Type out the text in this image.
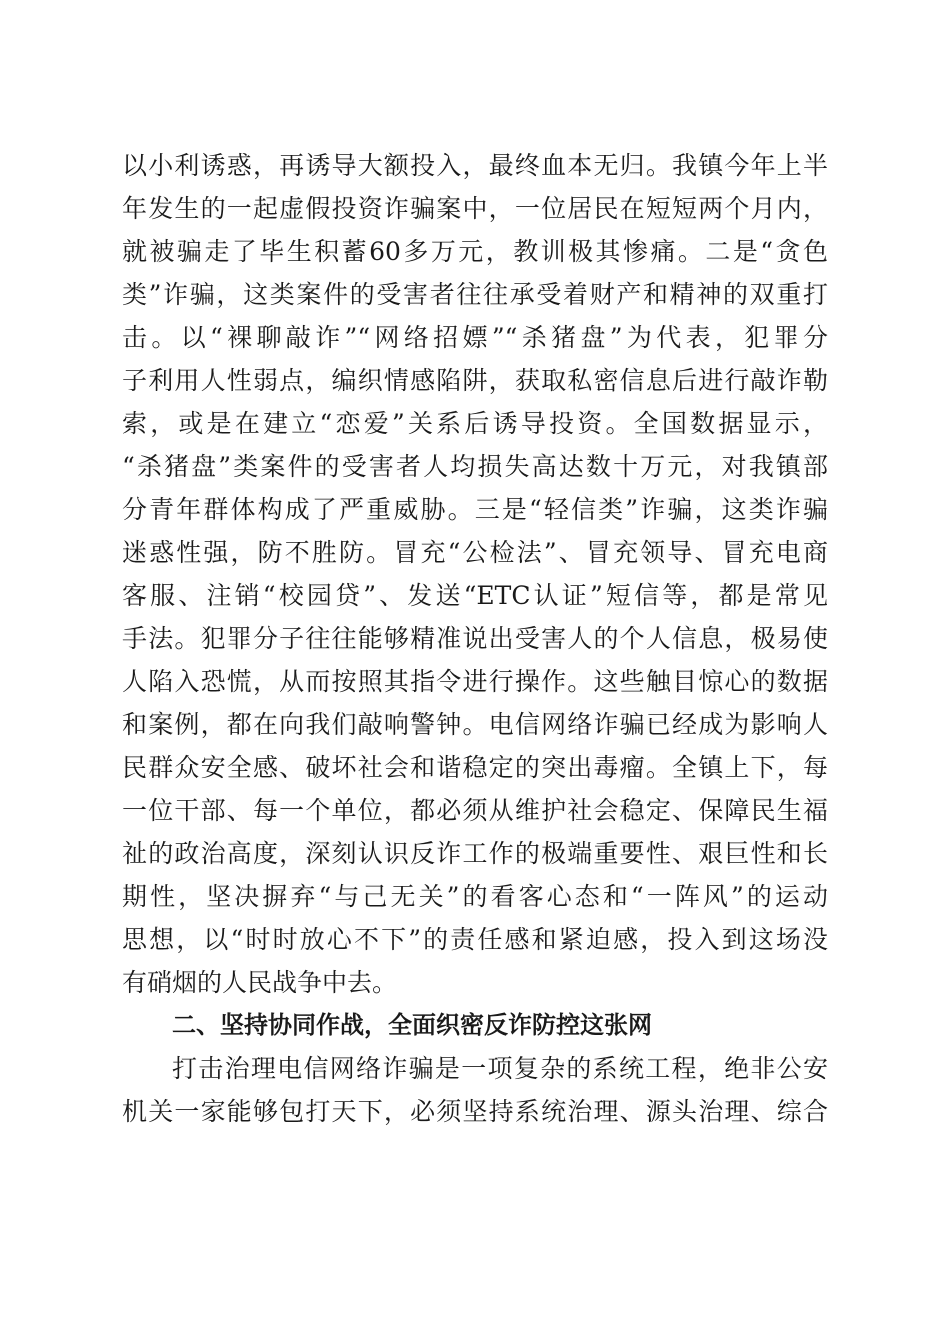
以小利诱惑，再诱导大额投入，最终血本无归。我镇今年上半
年发生的一起虚假投资诈骗案中，一位居民在短短两个月内，
就被骗走了毕生积蓄60多万元，教训极其惨痛。二是“贪色
类”诈骗，这类案件的受害者往往承受着财产和精神的双重打
击。以“裸聊敲诈”“网络招嫖”“杀猪盘”为代表，犯罪分
子利用人性弱点，编织情感陷阱，获取私密信息后进行敲诈勒
索，或是在建立“恋爱”关系后诱导投资。全国数据显示，
“杀猪盘”类案件的受害者人均损失高达数十万元，对我镇部
分青年群体构成了严重威胁。三是“轻信类”诈骗，这类诈骗
迷惑性强，防不胜防。冒充“公检法”、冒充领导、冒充电商
客服、注销“校园贷”、发送“ETC认证”短信等，都是常见
手法。犯罪分子往往能够精准说出受害人的个人信息，极易使
人陷入恐慌，从而按照其指令进行操作。这些触目惊心的数据
和案例，都在向我们敲响警钟。电信网络诈骗已经成为影响人
民群众安全感、破坏社会和谐稳定的突出毒瘤。全镇上下，每
一位干部、每一个单位，都必须从维护社会稳定、保障民生福
祉的政治高度，深刻认识反诈工作的极端重要性、艰巨性和长
期性，坚决摒弃“与己无关”的看客心态和“一阵风”的运动
思想，以“时时放心不下”的责任感和紧迫感，投入到这场没
有硝烟的人民战争中去。
二、坚持协同作战，全面织密反诈防控这张网
打击治理电信网络诈骗是一项复杂的系统工程，绝非公安
机关一家能够包打天下，必须坚持系统治理、源头治理、综合
